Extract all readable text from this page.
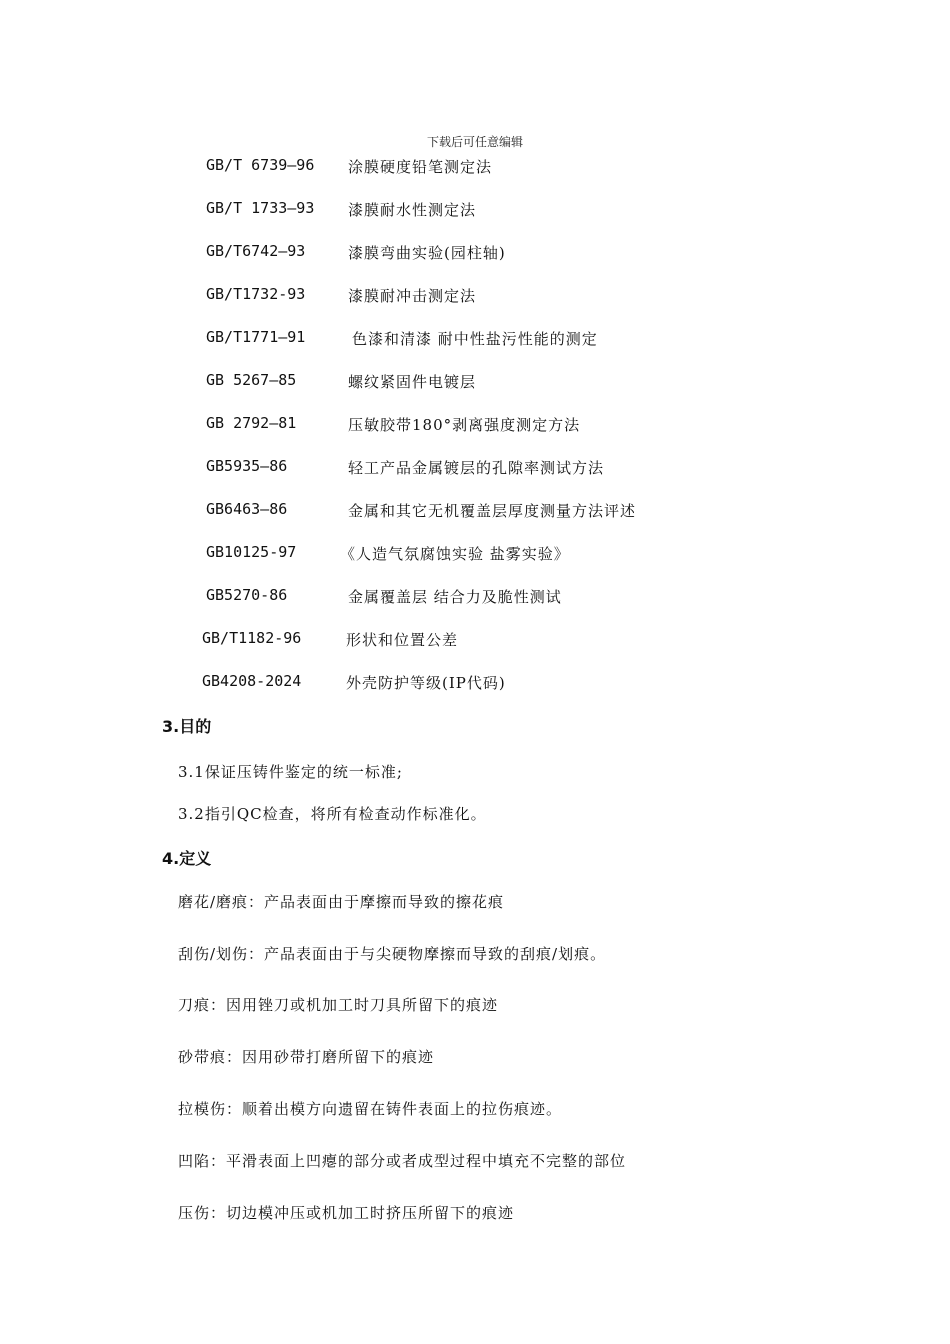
下载后可任意编辑
GB/T 6739—96 涂膜硬度铅笔测定法
GB/T 1733—93 漆膜耐水性测定法
GB/T6742—93	漆膜弯曲实验(园柱轴)
GB/T1732-93	漆膜耐冲击测定法
GB/T1771—91	色漆和清漆 耐中性盐污性能的测定
GB 5267—85	螺纹紧固件电镀层
GB 2792—81	压敏胶带180°剥离强度测定方法
GB5935—86	轻工产品金属镀层的孔隙率测试方法
GB6463—86	金属和其它无机覆盖层厚度测量方法评述
GB10125-97	《人造气氛腐蚀实验 盐雾实验》
GB5270-86	金属覆盖层 结合力及脆性测试
GB/T1182-96	形状和位置公差
GB4208-2024	外壳防护等级(IP代码)
3.目的
3.1保证压铸件鉴定的统一标准;
3.2指引QC检查，将所有检查动作标准化。
4.定义
磨花/磨痕：产品表面由于摩擦而导致的擦花痕
刮伤/划伤：产品表面由于与尖硬物摩擦而导致的刮痕/划痕。
刀痕：因用锉刀或机加工时刀具所留下的痕迹
砂带痕：因用砂带打磨所留下的痕迹
拉模伤：顺着出模方向遗留在铸件表面上的拉伤痕迹。
凹陷：平滑表面上凹瘪的部分或者成型过程中填充不完整的部位
压伤：切边模冲压或机加工时挤压所留下的痕迹
